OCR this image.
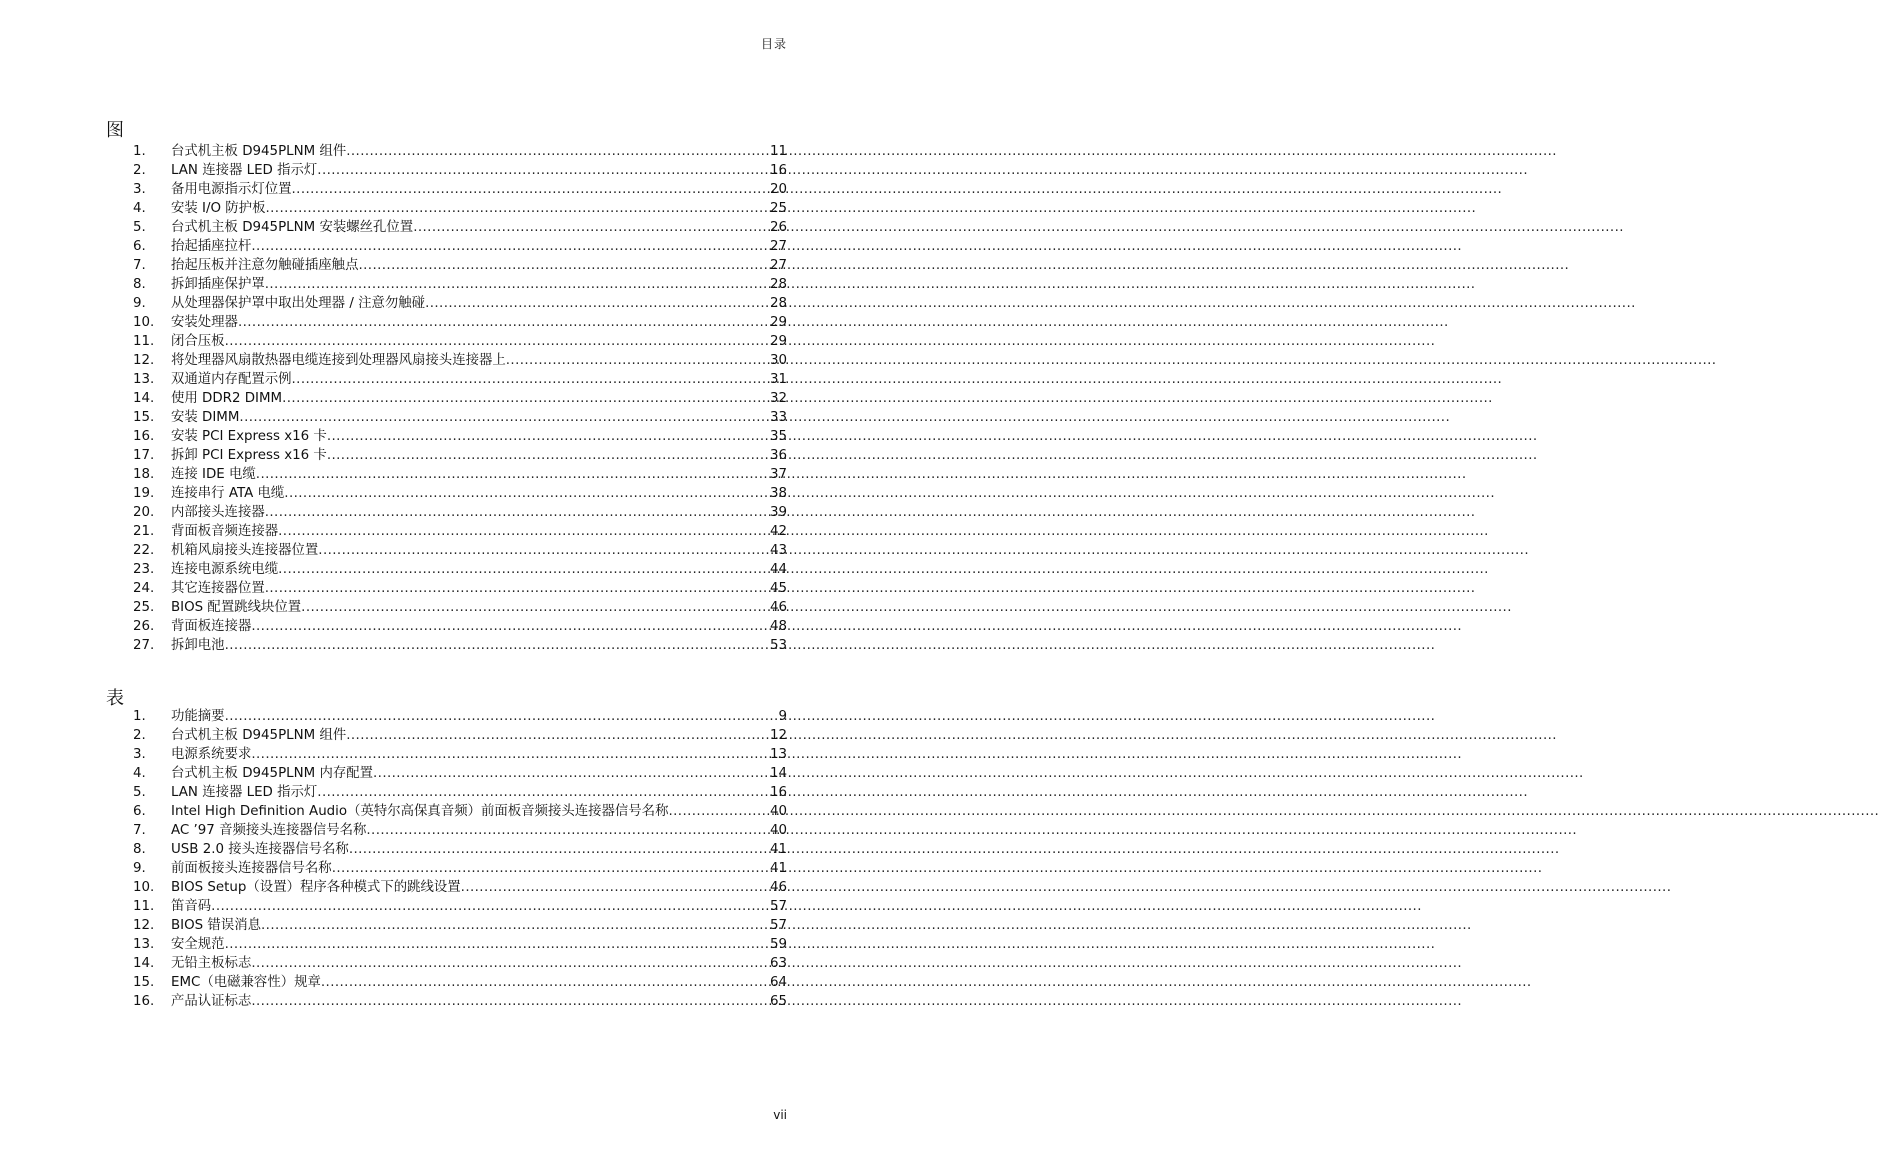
目录
图
1.	台式机主板 D945PLNM 组件 .....	11
2.	LAN 连接器 LED 指示灯 .....	16
3.	备用电源指示灯位置 .....	20
4.	安装 I/O 防护板 .....	25
5.	台式机主板 D945PLNM 安装螺丝孔位置 .....	26
6.	抬起插座拉杆 .....	27
7.	抬起压板并注意勿触碰插座触点 .....	27
8.	拆卸插座保护罩 .....	28
9.	从处理器保护罩中取出处理器 / 注意勿触碰 .....	28
10.	安装处理器 .....	29
11.	闭合压板 .....	29
12.	将处理器风扇散热器电缆连接到处理器风扇接头连接器上 .....	30
13.	双通道内存配置示例 .....	31
14.	使用 DDR2 DIMM .....	32
15.	安装 DIMM .....	33
16.	安装 PCI Express x16 卡 .....	35
17.	拆卸 PCI Express x16 卡 .....	36
18.	连接 IDE 电缆 .....	37
19.	连接串行 ATA 电缆 .....	38
20.	内部接头连接器 .....	39
21.	背面板音频连接器 .....	42
22.	机箱风扇接头连接器位置 .....	43
23.	连接电源系统电缆 .....	44
24.	其它连接器位置 .....	45
25.	BIOS 配置跳线块位置 .....	46
26.	背面板连接器 .....	48
27.	拆卸电池 .....	53
表
1.	功能摘要 .....	9
2.	台式机主板 D945PLNM 组件 .....	12
3.	电源系统要求 .....	13
4.	台式机主板 D945PLNM 内存配置 .....	14
5.	LAN 连接器 LED 指示灯 .....	16
6.	Intel High Definition Audio（英特尔高保真音频）前面板音频接头连接器信号名称 .....	40
7.	AC ’97 音频接头连接器信号名称 .....	40
8.	USB 2.0 接头连接器信号名称 .....	41
9.	前面板接头连接器信号名称 .....	41
10.	BIOS Setup（设置）程序各种模式下的跳线设置 .....	46
11.	笛音码 .....	57
12.	BIOS 错误消息 .....	57
13.	安全规范 .....	59
14.	无铅主板标志 .....	63
15.	EMC（电磁兼容性）规章 .....	64
16.	产品认证标志 .....	65
vii
